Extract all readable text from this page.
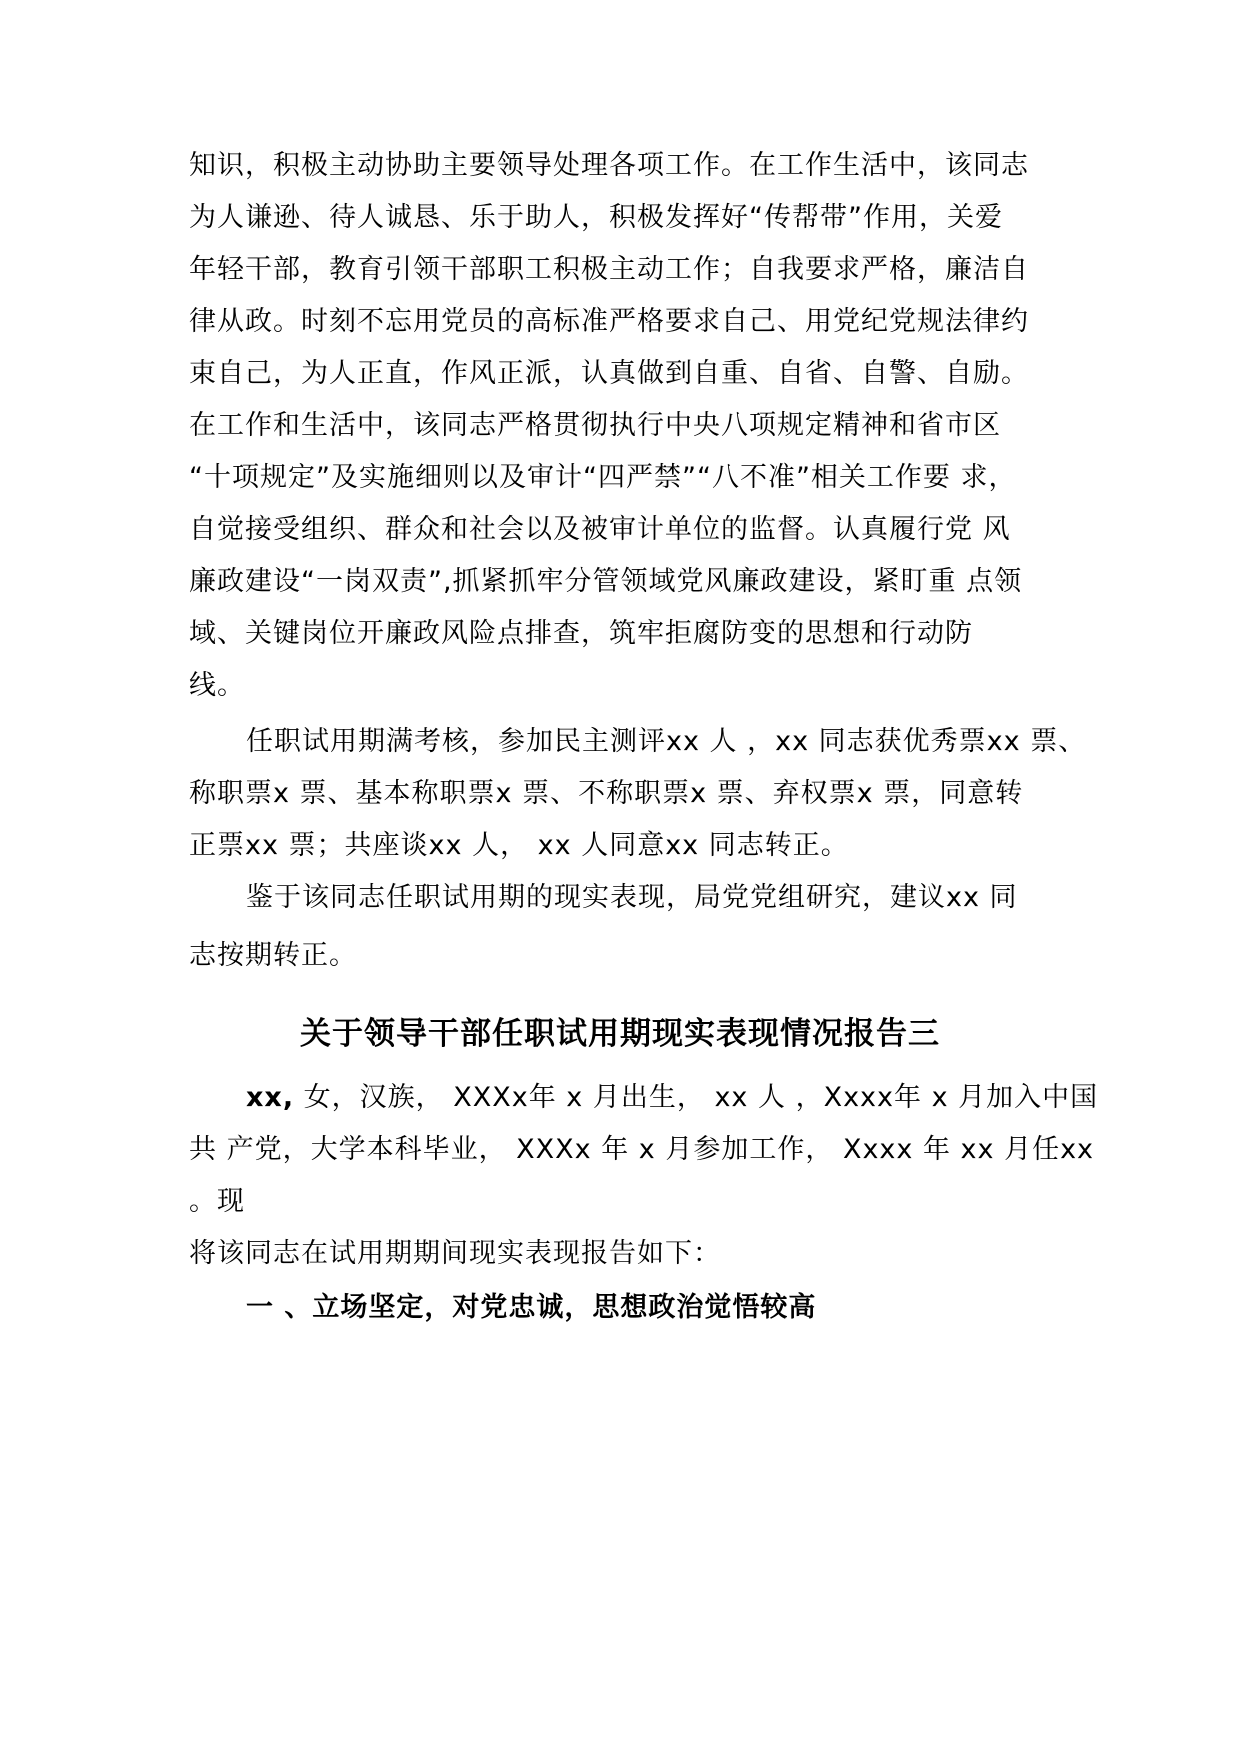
知识，积极主动协助主要领导处理各项工作。在工作生活中，该同志
为人谦逊、待人诚恳、乐于助人，积极发挥好“传帮带”作用，关爱
年轻干部，教育引领干部职工积极主动工作；自我要求严格，廉洁自
律从政。时刻不忘用党员的高标准严格要求自己、用党纪党规法律约
束自己，为人正直，作风正派，认真做到自重、自省、自警、自励。
在工作和生活中，该同志严格贯彻执行中央八项规定精神和省市区
“十项规定”及实施细则以及审计“四严禁”“八不准”相关工作要 求，
自觉接受组织、群众和社会以及被审计单位的监督。认真履行党 风
廉政建设“一岗双责”,抓紧抓牢分管领域党风廉政建设，紧盯重 点领
域、关键岗位开廉政风险点排查，筑牢拒腐防变的思想和行动防
线。
任职试用期满考核，参加民主测评xx 人 ，xx 同志获优秀票xx 票、
称职票x 票、基本称职票x 票、不称职票x 票、弃权票x 票，同意转
正票xx 票；共座谈xx 人， xx 人同意xx 同志转正。
鉴于该同志任职试用期的现实表现，局党党组研究，建议xx 同
志按期转正。
关于领导干部任职试用期现实表现情况报告三
xx, 女，汉族， XXXx年 x 月出生， xx 人 ，Xxxx年 x 月加入中国
共 产党，大学本科毕业， XXXx 年 x 月参加工作， Xxxx 年 xx 月任xx
。现
将该同志在试用期期间现实表现报告如下：
一 、立场坚定，对党忠诚，思想政治觉悟较高
